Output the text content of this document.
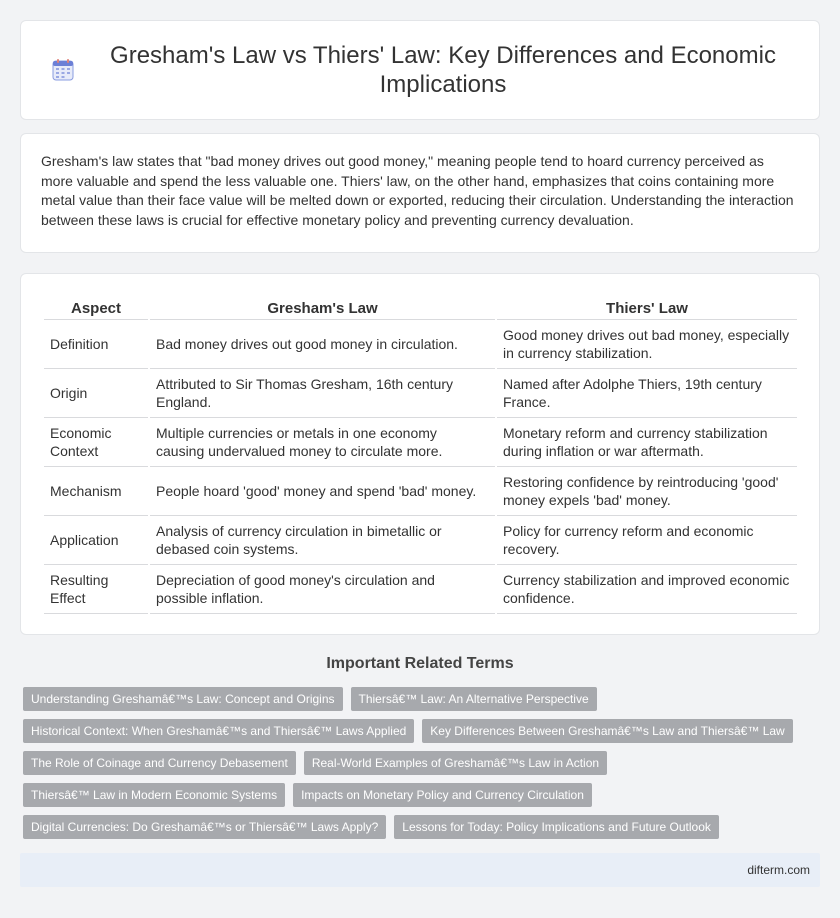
Gresham's Law vs Thiers' Law: Key Differences and Economic Implications

Gresham's law states that "bad money drives out good money," meaning people tend to hoard currency perceived as more valuable and spend the less valuable one. Thiers' law, on the other hand, emphasizes that coins containing more metal value than their face value will be melted down or exported, reducing their circulation. Understanding the interaction between these laws is crucial for effective monetary policy and preventing currency devaluation.

Aspect	Gresham's Law	Thiers' Law
Definition	Bad money drives out good money in circulation.	Good money drives out bad money, especially in currency stabilization.
Origin	Attributed to Sir Thomas Gresham, 16th century England.	Named after Adolphe Thiers, 19th century France.
Economic Context	Multiple currencies or metals in one economy causing undervalued money to circulate more.	Monetary reform and currency stabilization during inflation or war aftermath.
Mechanism	People hoard 'good' money and spend 'bad' money.	Restoring confidence by reintroducing 'good' money expels 'bad' money.
Application	Analysis of currency circulation in bimetallic or debased coin systems.	Policy for currency reform and economic recovery.
Resulting Effect	Depreciation of good money's circulation and possible inflation.	Currency stabilization and improved economic confidence.
Important Related Terms
Understanding Greshamâ€™s Law: Concept and Origins	Thiersâ€™ Law: An Alternative Perspective
Historical Context: When Greshamâ€™s and Thiersâ€™ Laws Applied	Key Differences Between Greshamâ€™s Law and Thiersâ€™ Law
The Role of Coinage and Currency Debasement	Real-World Examples of Greshamâ€™s Law in Action
Thiersâ€™ Law in Modern Economic Systems	Impacts on Monetary Policy and Currency Circulation
Digital Currencies: Do Greshamâ€™s or Thiersâ€™ Laws Apply?	Lessons for Today: Policy Implications and Future Outlook
difterm.com
